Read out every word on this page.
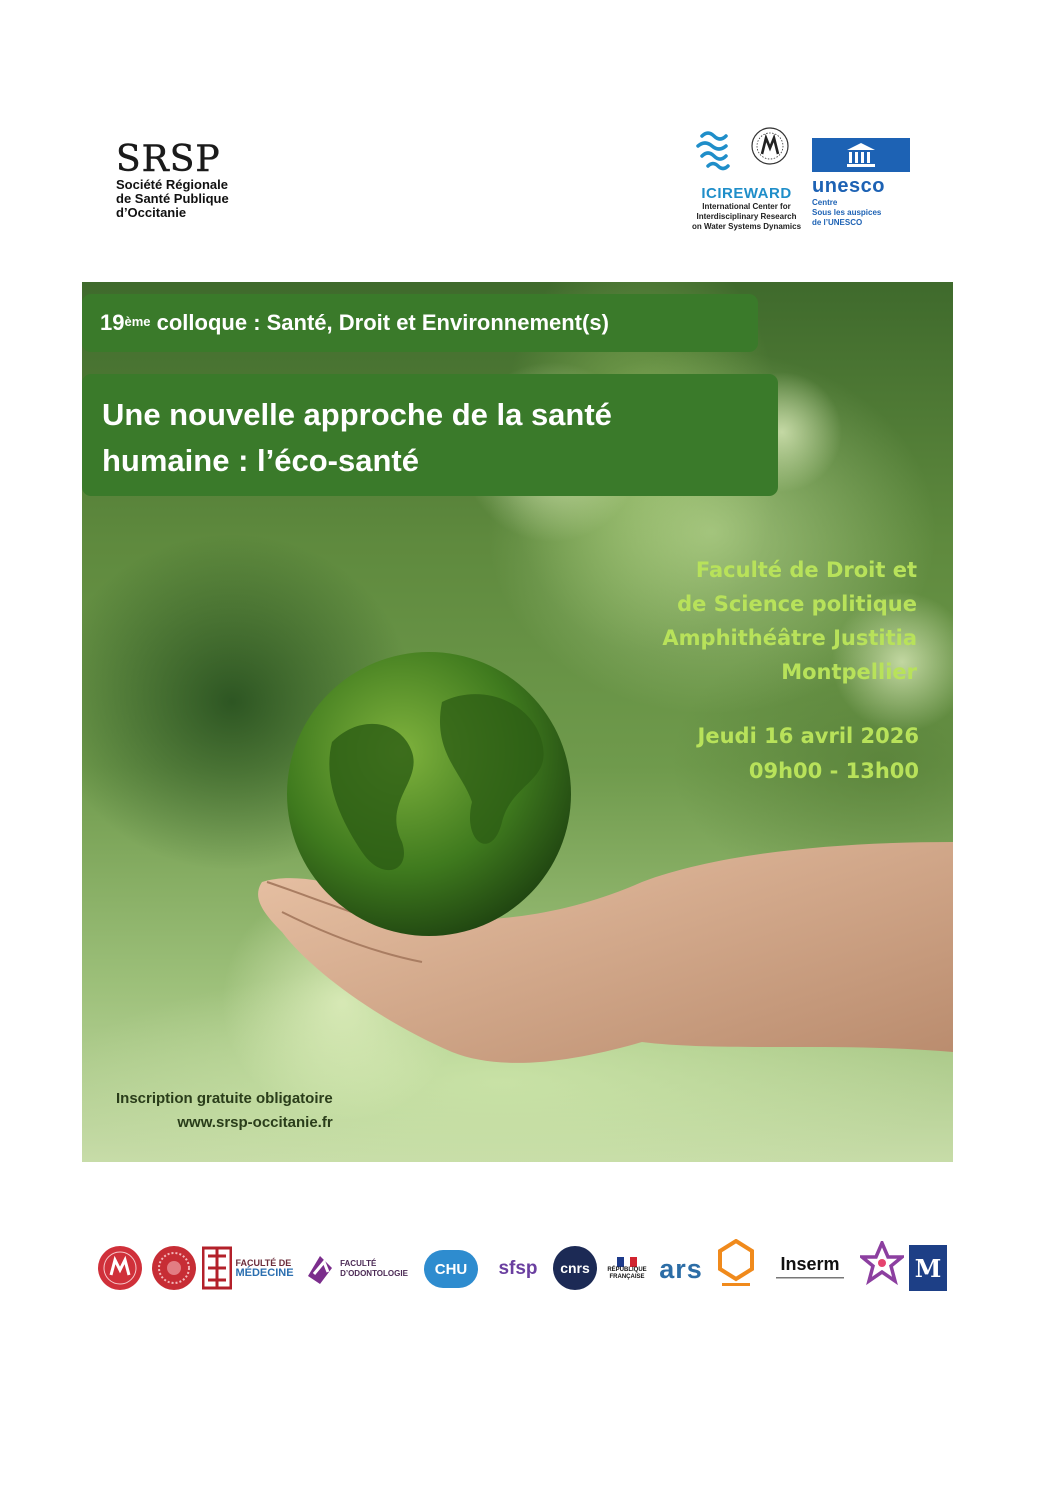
SRSP
Société Régionale
de Santé Publique
d’Occitanie
ICIREWARD
International Center for
Interdisciplinary Research
on Water Systems Dynamics
unesco
Centre
Sous les auspices
de l’UNESCO
19ème colloque : Santé, Droit et Environnement(s)
Une nouvelle approche de la santé
humaine : l’éco-santé
Faculté de Droit et
de Science politique
Amphithéâtre Justitia
Montpellier
Jeudi 16 avril 2026
09h00 - 13h00
Inscription gratuite obligatoire
www.srsp-occitanie.fr
FACULTÉ DE
MÉDECINE
FACULTÉ
D’ODONTOLOGIE	CHU	sfsp	cnrs	RÉPUBLIQUE
FRANÇAISE ars	Inserm	M
